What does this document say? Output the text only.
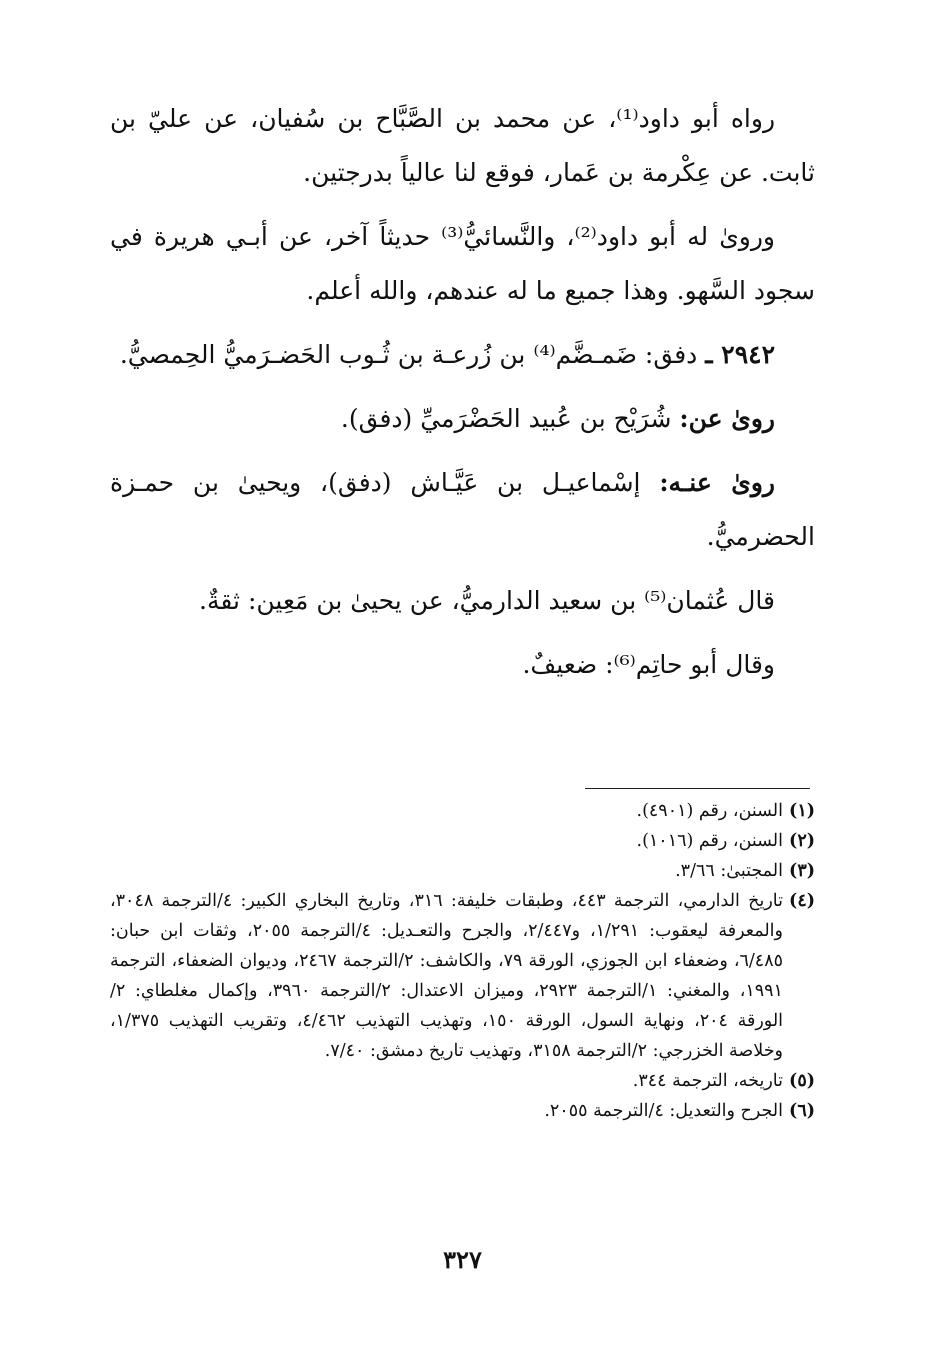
رواه أبو داود⁽¹⁾، عن محمد بن الصَّبَّاح بن سُفيان، عن عليّ بن ثابت. عن عِكْرمة بن عَمار، فوقع لنا عالياً بدرجتين.

وروىٰ له أبو داود⁽²⁾، والنَّسائيُّ⁽³⁾ حديثاً آخر، عن أبـي هريرة في سجود السَّهو. وهذا جميع ما له عندهم، والله أعلم.

٢٩٤٢ ـ دفق: ضَمـضَّم⁽⁴⁾ بن زُرعـة بن ثُـوب الحَضـرَميُّ الحِمصيُّ.

روىٰ عن: شُرَيْح بن عُبيد الحَضْرَميِّ (دفق).

روىٰ عنـه: إسْماعيـل بن عَيَّـاش (دفق)، ويحيىٰ بن حمـزة الحضرميُّ.

قال عُثمان⁽⁵⁾ بن سعيد الدارميُّ، عن يحيىٰ بن مَعِين: ثقةٌ.

وقال أبو حاتِم⁽⁶⁾: ضعيفٌ.

(١)
السنن، رقم (٤٩٠١).
(٢)
السنن، رقم (١٠١٦).
(٣)
المجتبىٰ: ٣/٦٦.
(٤)
تاريخ الدارمي، الترجمة ٤٤٣، وطبقات خليفة: ٣١٦، وتاريخ البخاري الكبير: ٤/الترجمة ٣٠٤٨، والمعرفة ليعقوب: ١/٢٩١، و٢/٤٤٧، والجرح والتعـديل: ٤/الترجمة ٢٠٥٥، وثقات ابن حبان: ٦/٤٨٥، وضعفاء ابن الجوزي، الورقة ٧٩، والكاشف: ٢/الترجمة ٢٤٦٧، وديوان الضعفاء، الترجمة ١٩٩١، والمغني: ١/الترجمة ٢٩٢٣، وميزان الاعتدال: ٢/الترجمة ٣٩٦٠، وإكمال مغلطاي: ٢/الورقة ٢٠٤، ونهاية السول، الورقة ١٥٠، وتهذيب التهذيب ٤/٤٦٢، وتقريب التهذيب ١/٣٧٥، وخلاصة الخزرجي: ٢/الترجمة ٣١٥٨، وتهذيب تاريخ دمشق: ٧/٤٠.
(٥)
تاريخه، الترجمة ٣٤٤.
(٦)
الجرح والتعديل: ٤/الترجمة ٢٠٥٥.
٣٢٧
